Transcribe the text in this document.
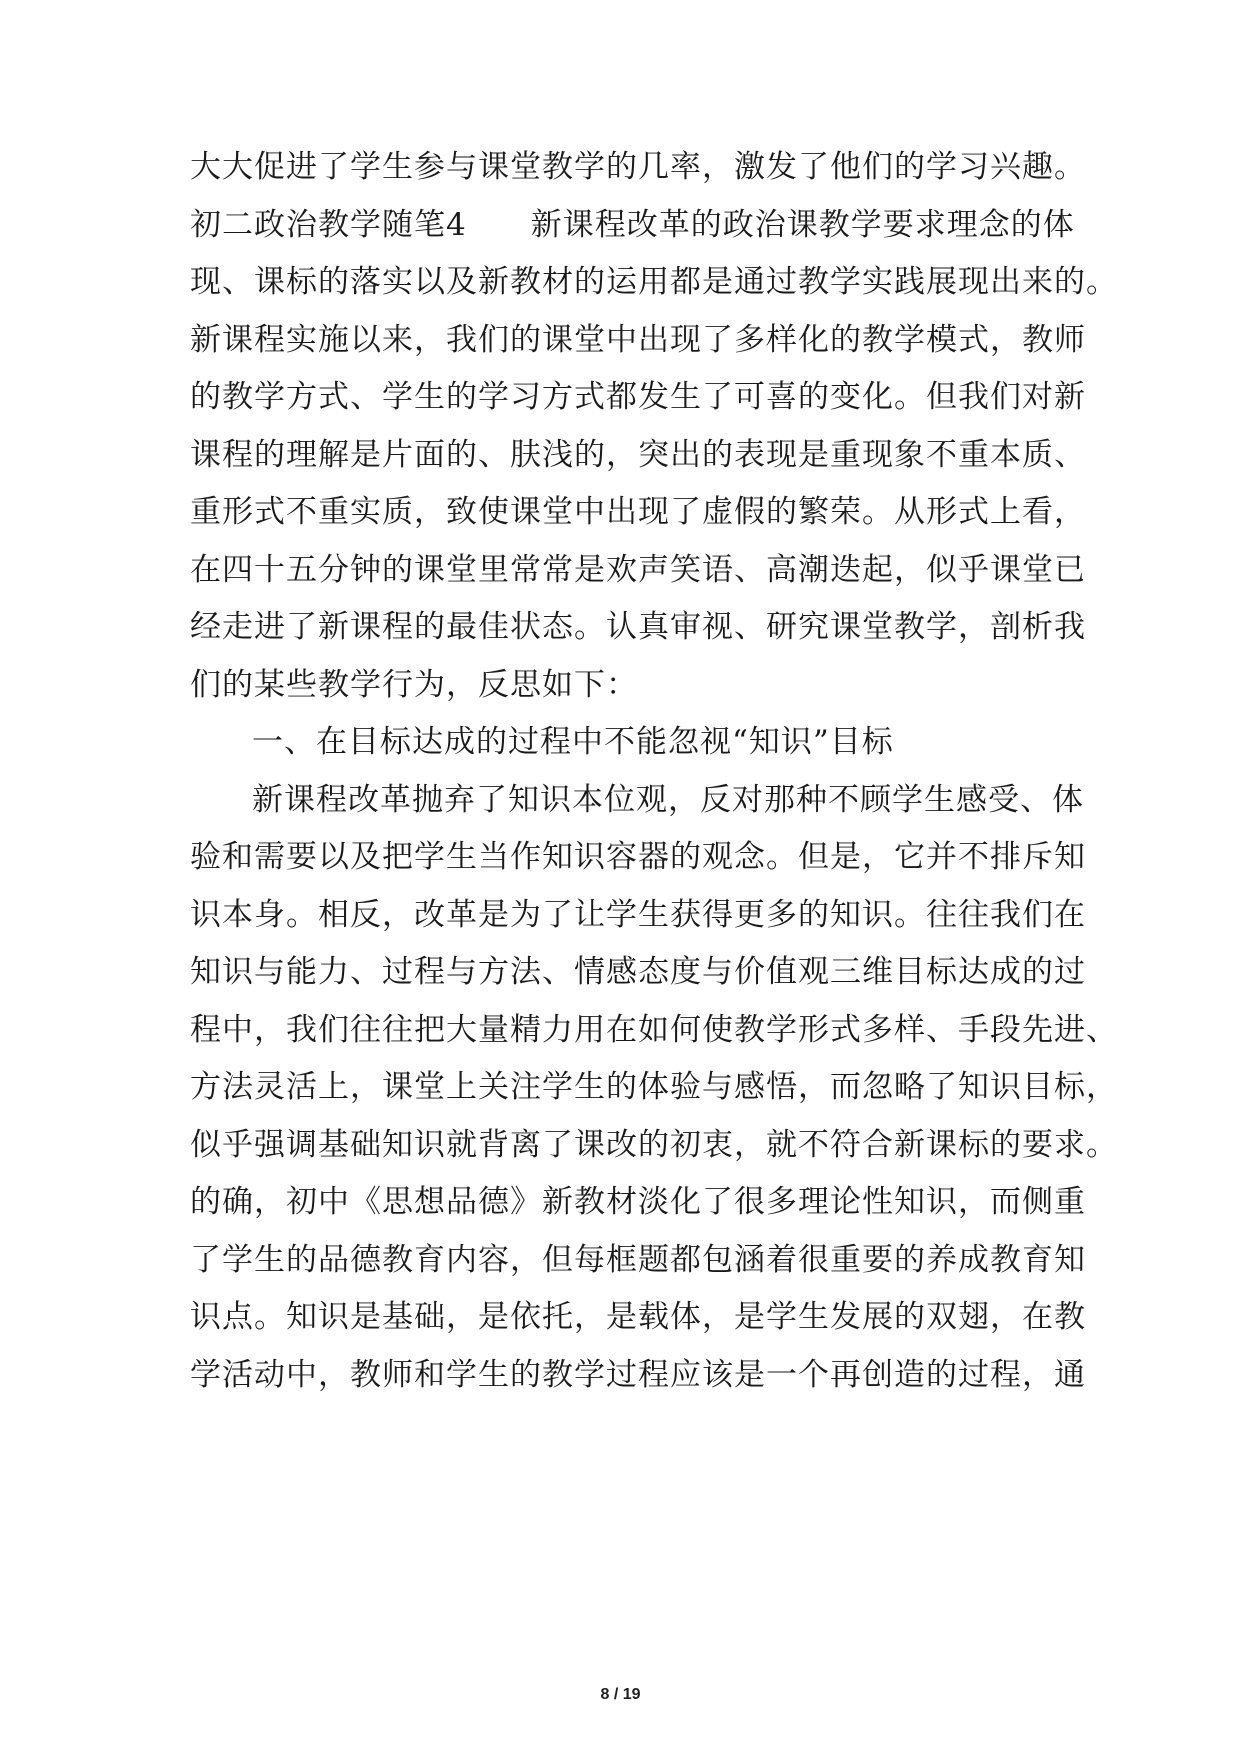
大大促进了学生参与课堂教学的几率，激发了他们的学习兴趣。
初二政治教学随笔4　　新课程改革的政治课教学要求理念的体
现、课标的落实以及新教材的运用都是通过教学实践展现出来的。
新课程实施以来，我们的课堂中出现了多样化的教学模式，教师
的教学方式、学生的学习方式都发生了可喜的变化。但我们对新
课程的理解是片面的、肤浅的，突出的表现是重现象不重本质、
重形式不重实质，致使课堂中出现了虚假的繁荣。从形式上看，
在四十五分钟的课堂里常常是欢声笑语、高潮迭起，似乎课堂已
经走进了新课程的最佳状态。认真审视、研究课堂教学，剖析我
们的某些教学行为，反思如下：
一、在目标达成的过程中不能忽视“知识”目标
新课程改革抛弃了知识本位观，反对那种不顾学生感受、体
验和需要以及把学生当作知识容器的观念。但是，它并不排斥知
识本身。相反，改革是为了让学生获得更多的知识。往往我们在
知识与能力、过程与方法、情感态度与价值观三维目标达成的过
程中，我们往往把大量精力用在如何使教学形式多样、手段先进、
方法灵活上，课堂上关注学生的体验与感悟，而忽略了知识目标，
似乎强调基础知识就背离了课改的初衷，就不符合新课标的要求。
的确，初中《思想品德》新教材淡化了很多理论性知识，而侧重
了学生的品德教育内容，但每框题都包涵着很重要的养成教育知
识点。知识是基础，是依托，是载体，是学生发展的双翅，在教
学活动中，教师和学生的教学过程应该是一个再创造的过程，通
8 / 19
